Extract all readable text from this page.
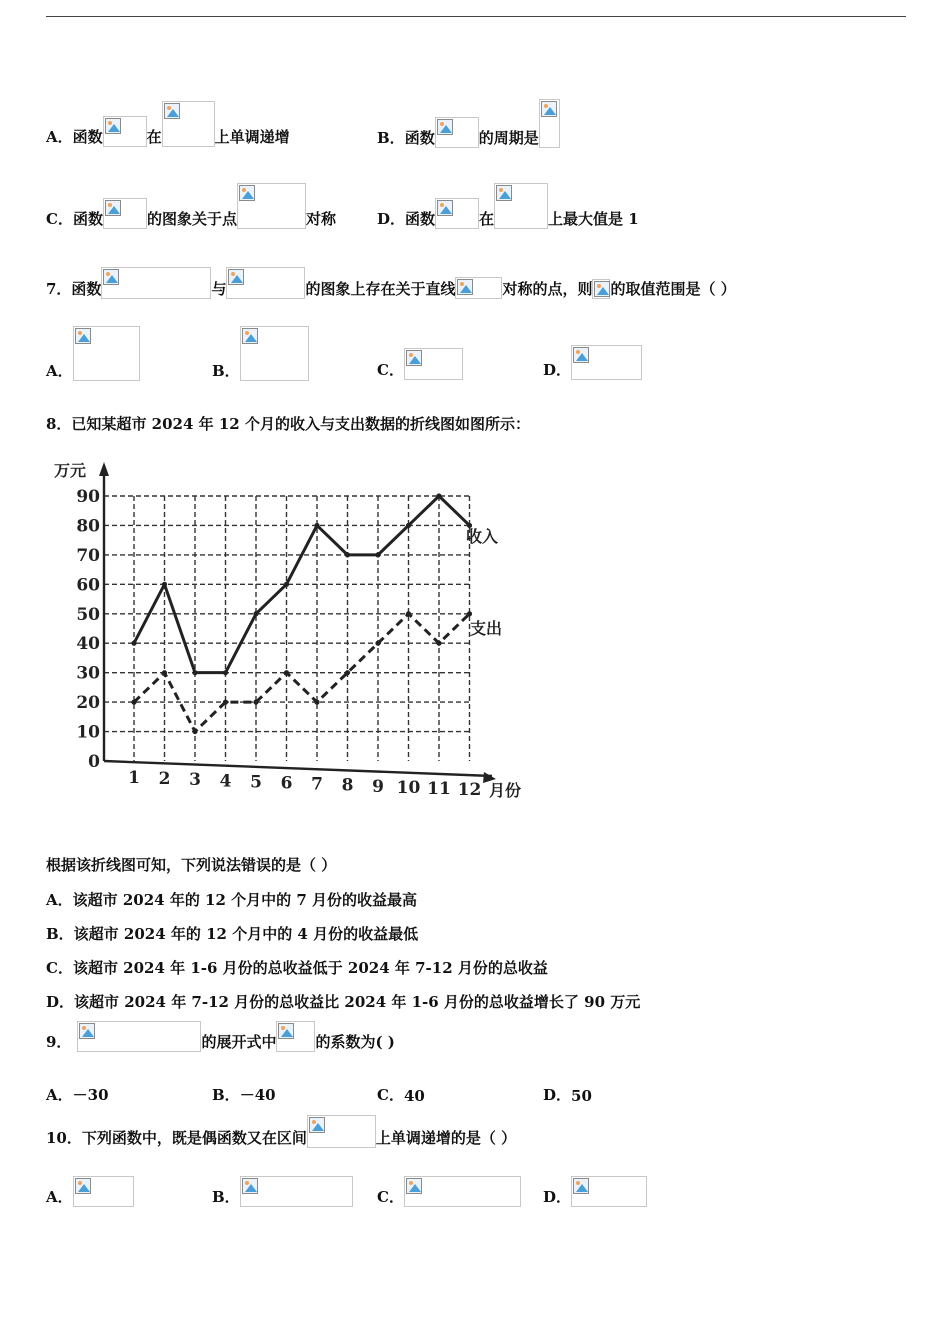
A． 函数	在	上单调递增	B． 函数	的周期是
C． 函数	的图象关于点	对称	D． 函数	在	上最大值是 1
7．函数	与	的图象上存在关于直线	对称的点，则 的取值范围是（ ）
A．	B．	C．	D．
8．已知某超市 2024 年 12 个月的收入与支出数据的折线图如图所示：
0
10
20
30
40
50
60
70
80
90
1 2 3 4 5 6 7 8 9 10 11 12
万元
月份
收入
支出
根据该折线图可知，下列说法错误的是（ ）
A．该超市 2024 年的 12 个月中的 7 月份的收益最高
B．该超市 2024 年的 12 个月中的 4 月份的收益最低
C．该超市 2024 年 1-6 月份的总收益低于 2024 年 7-12 月份的总收益
D．该超市 2024 年 7-12 月份的总收益比 2024 年 1-6 月份的总收益增长了 90 万元
9．	的展开式中	的系数为( )
A． －30	B． －40	C． 40	D． 50
10．下列函数中，既是偶函数又在区间	上单调递增的是（ ）
A．	B．	C．	D．
